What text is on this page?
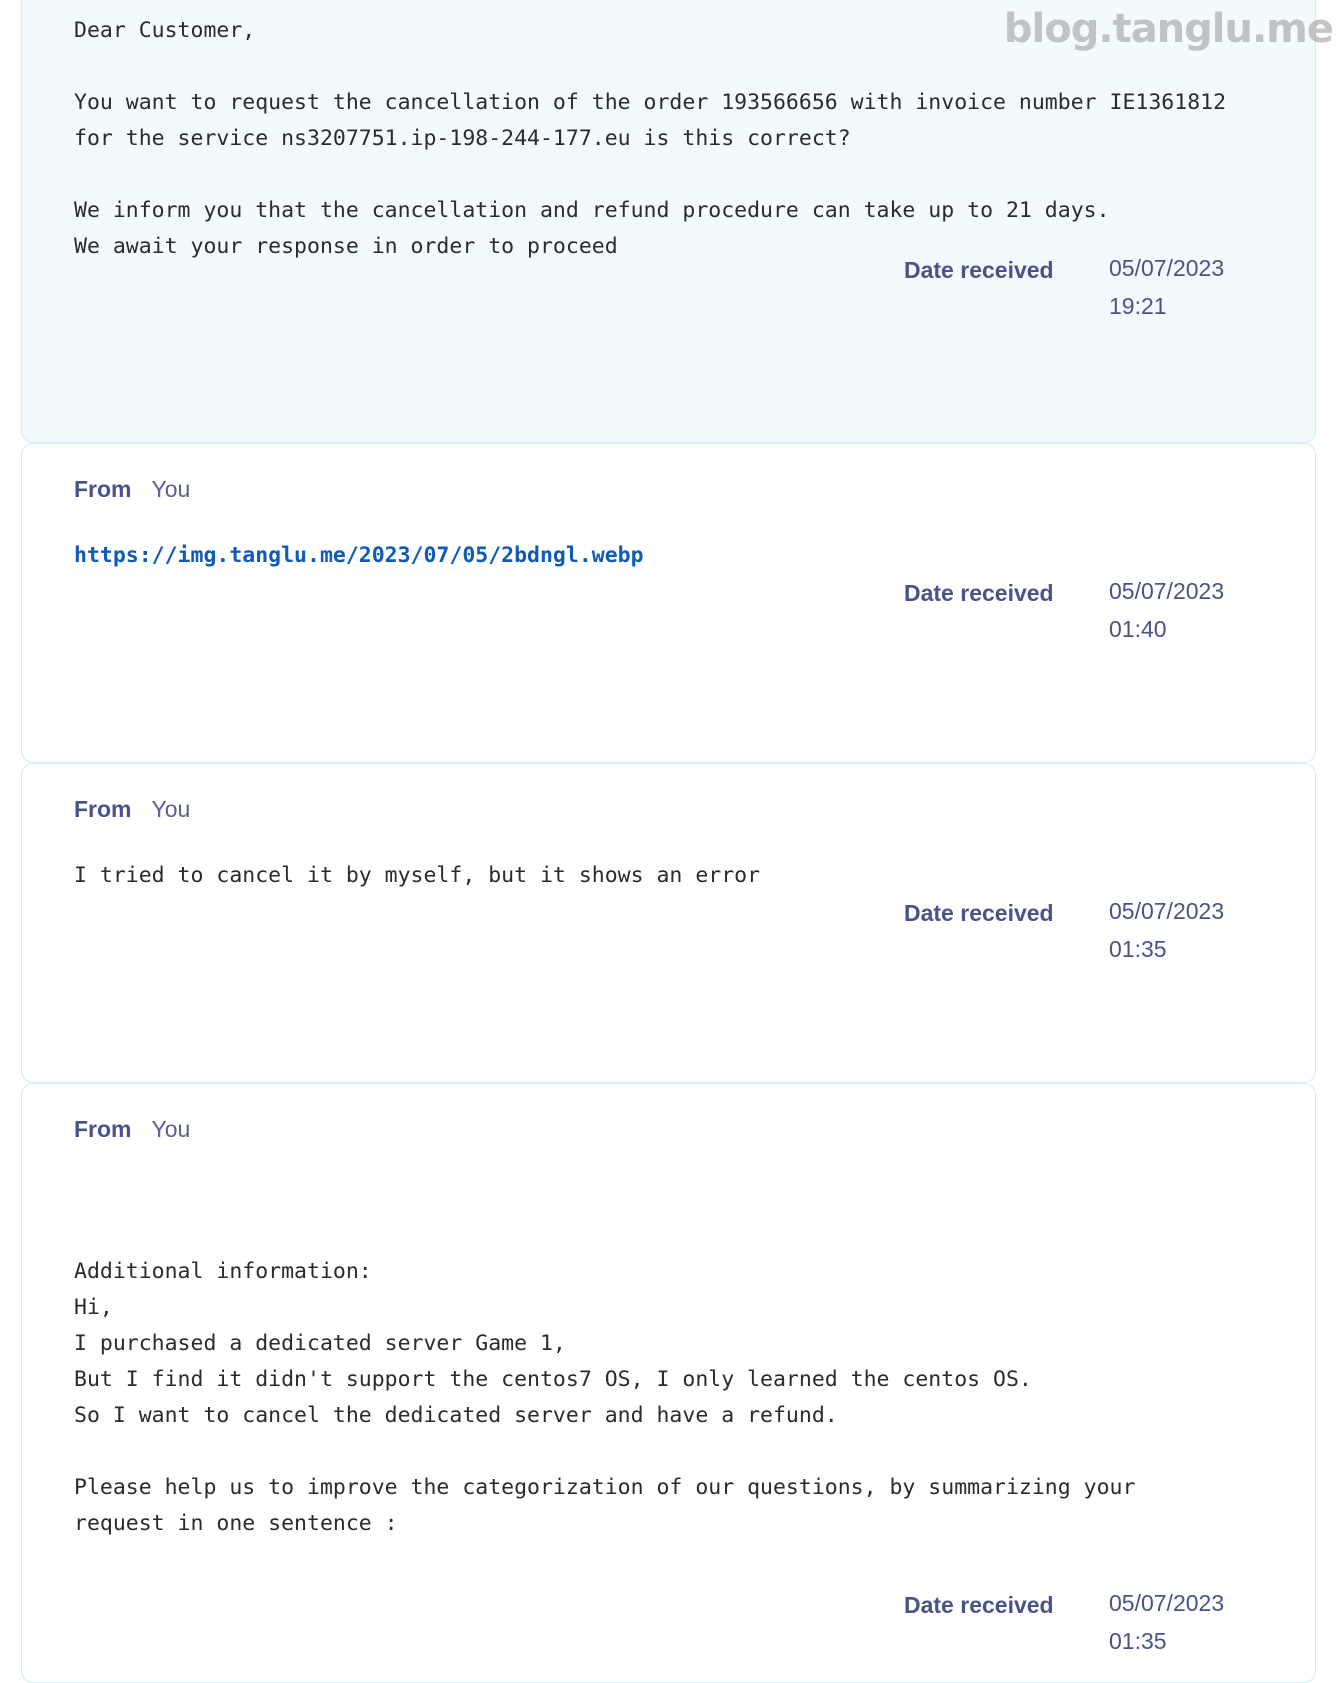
Dear Customer,

You want to request the cancellation of the order 193566656 with invoice number IE1361812
for the service ns3207751.ip-198-244-177.eu is this correct?

We inform you that the cancellation and refund procedure can take up to 21 days.
We await your response in order to proceed
Date received 05/07/2023
19:21
From You
https://img.tanglu.me/2023/07/05/2bdngl.webp
Date received 05/07/2023
01:40
From You
I tried to cancel it by myself, but it shows an error
Date received 05/07/2023
01:35
From You
Additional information:
Hi,
I purchased a dedicated server Game 1,
But I find it didn't support the centos7 OS, I only learned the centos OS.
So I want to cancel the dedicated server and have a refund.

Please help us to improve the categorization of our questions, by summarizing your
request in one sentence :
Date received 05/07/2023
01:35
blog.tanglu.me
